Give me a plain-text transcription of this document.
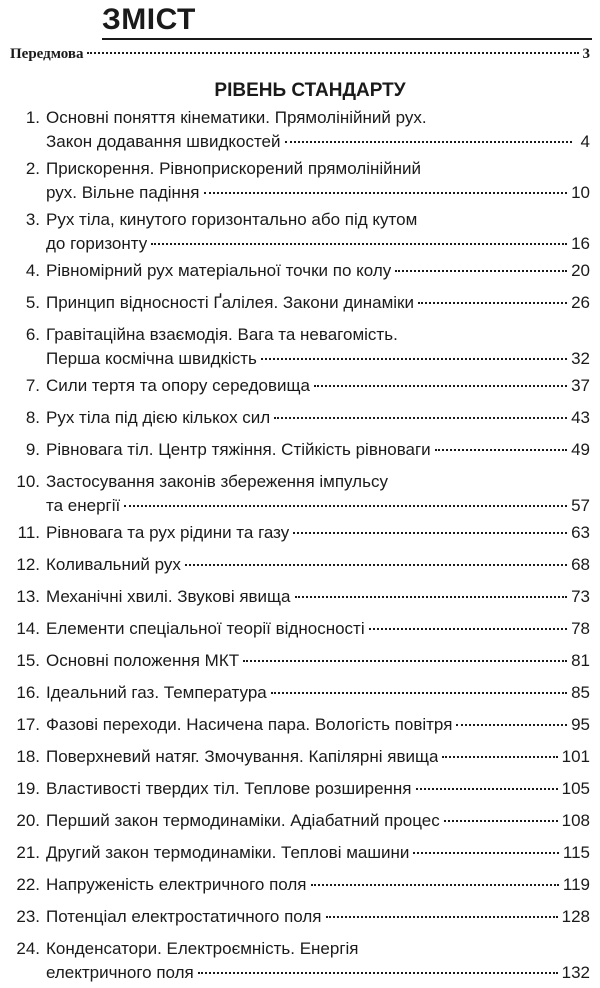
ЗМІСТ
Передмова	3
РІВЕНЬ СТАНДАРТУ
1. Основні поняття кінематики. Прямолінійний рух.
Закон додавання швидкостей	4
2. Прискорення. Рівноприскорений прямолінійний
рух. Вільне падіння	10
3. Рух тіла, кинутого горизонтально або під кутом
до горизонту	16
4. Рівномірний рух матеріальної точки по колу	20
5. Принцип відносності Ґалілея. Закони динаміки	26
6. Гравітаційна взаємодія. Вага та невагомість.
Перша космічна швидкість	32
7. Сили тертя та опору середовища	37
8. Рух тіла під дією кількох сил	43
9. Рівновага тіл. Центр тяжіння. Стійкість рівноваги	49
10. Застосування законів збереження імпульсу
та енергії	57
11. Рівновага та рух рідини та газу	63
12. Коливальний рух	68
13. Механічні хвилі. Звукові явища	73
14. Елементи спеціальної теорії відносності	78
15. Основні положення МКТ	81
16. Ідеальний газ. Температура	85
17. Фазові переходи. Насичена пара. Вологість повітря	95
18. Поверхневий натяг. Змочування. Капілярні явища	101
19. Властивості твердих тіл. Теплове розширення	105
20. Перший закон термодинаміки. Адіабатний процес	108
21. Другий закон термодинаміки. Теплові машини	115
22. Напруженість електричного поля	119
23. Потенціал електростатичного поля	128
24. Конденсатори. Електроємність. Енергія
електричного поля	132
